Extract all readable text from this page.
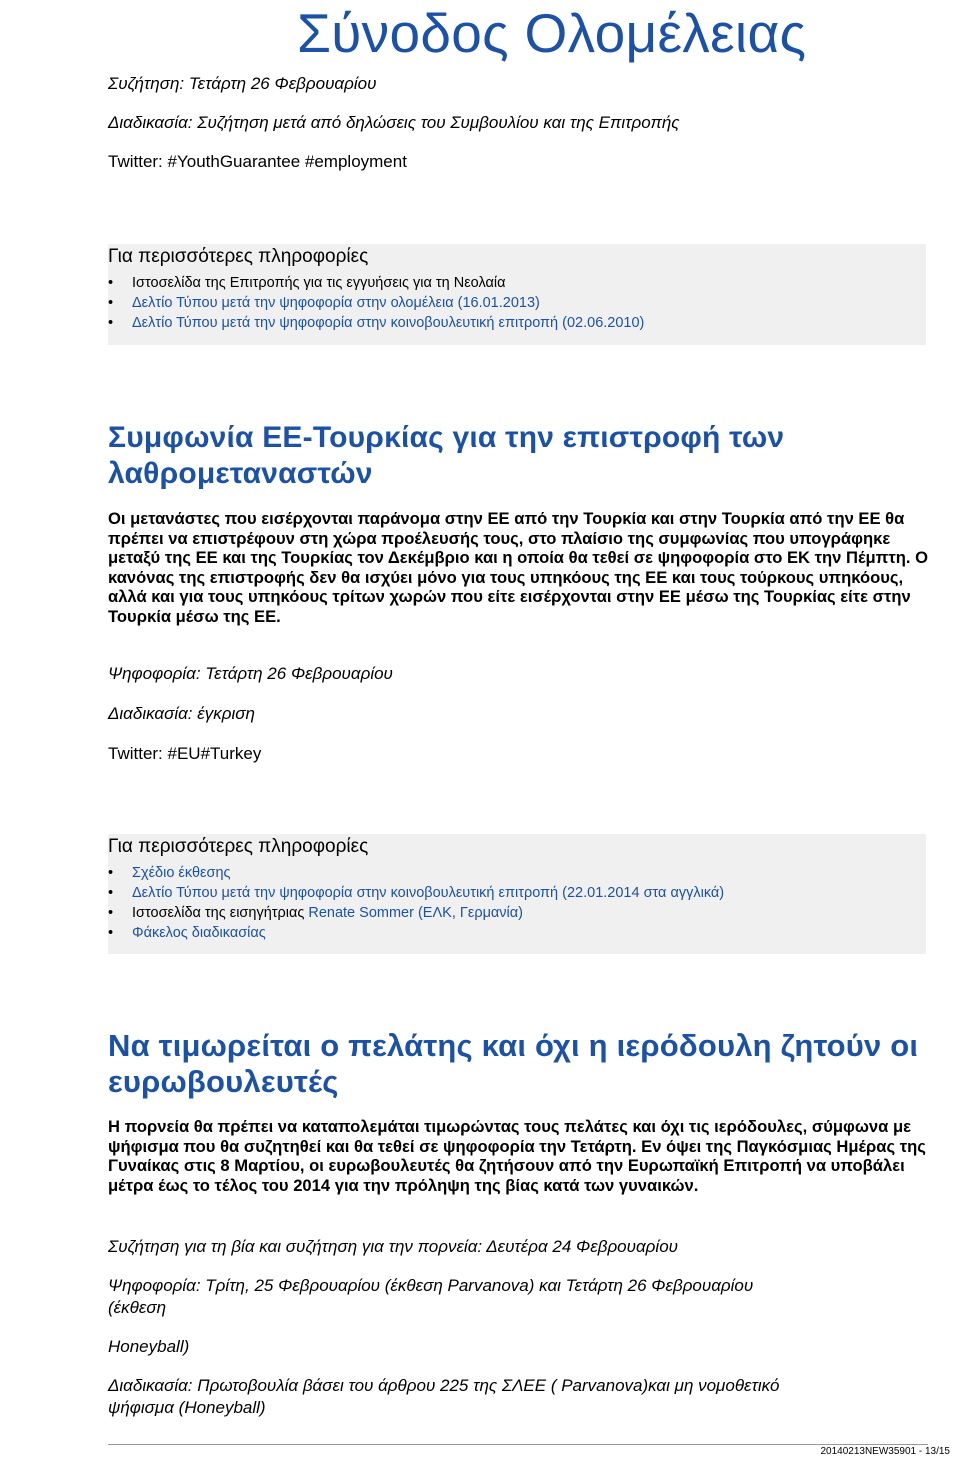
Σύνοδος Ολομέλειας

Συζήτηση: Τετάρτη 26 Φεβρουαρίου

Διαδικασία: Συζήτηση μετά από δηλώσεις του Συμβουλίου και της Επιτροπής

Twitter: #YouthGuarantee #employment

Για περισσότερες πληροφορίες

• Ιστοσελίδα της Επιτροπής για τις εγγυήσεις για τη Νεολαία
• Δελτίο Τύπου μετά την ψηφοφορία στην ολομέλεια (16.01.2013)
• Δελτίο Τύπου μετά την ψηφοφορία στην κοινοβουλευτική επιτροπή (02.06.2010)
Συμφωνία ΕΕ-Τουρκίας για την επιστροφή των λαθρομεταναστών

Οι μετανάστες που εισέρχονται παράνομα στην ΕΕ από την Τουρκία και στην Τουρκία από την ΕΕ θα πρέπει να επιστρέφουν στη χώρα προέλευσής τους, στο πλαίσιο της συμφωνίας που υπογράφηκε μεταξύ της ΕΕ και της Τουρκίας τον Δεκέμβριο και η οποία θα τεθεί σε ψηφοφορία στο ΕΚ την Πέμπτη. Ο κανόνας της επιστροφής δεν θα ισχύει μόνο για τους υπηκόους της ΕΕ και τους τούρκους υπηκόους, αλλά και για τους υπηκόους τρίτων χωρών που είτε εισέρχονται στην ΕΕ μέσω της Τουρκίας είτε στην Τουρκία μέσω της ΕΕ.

Ψηφοφορία: Τετάρτη 26 Φεβρουαρίου

Διαδικασία: έγκριση

Twitter: #EU#Turkey

Για περισσότερες πληροφορίες

• Σχέδιο έκθεσης
• Δελτίο Τύπου μετά την ψηφοφορία στην κοινοβουλευτική επιτροπή (22.01.2014 στα αγγλικά)
• Ιστοσελίδα της εισηγήτριας Renate Sommer (ΕΛΚ, Γερμανία)
• Φάκελος διαδικασίας
Να τιμωρείται ο πελάτης και όχι η ιερόδουλη ζητούν οι ευρωβουλευτές

Η πορνεία θα πρέπει να καταπολεμάται τιμωρώντας τους πελάτες και όχι τις ιερόδουλες, σύμφωνα με ψήφισμα που θα συζητηθεί και θα τεθεί σε ψηφοφορία την Τετάρτη. Εν όψει της Παγκόσμιας Ημέρας της Γυναίκας στις 8 Μαρτίου, οι ευρωβουλευτές θα ζητήσουν από την Ευρωπαϊκή Επιτροπή να υποβάλει μέτρα έως το τέλος του 2014 για την πρόληψη της βίας κατά των γυναικών.

Συζήτηση για τη βία και συζήτηση για την πορνεία: Δευτέρα 24 Φεβρουαρίου

Ψηφοφορία: Τρίτη, 25 Φεβρουαρίου (έκθεση Parvanova) και Τετάρτη 26 Φεβρουαρίου

(έκθεση

Honeyball)

Διαδικασία: Πρωτοβουλία βάσει του άρθρου 225 της ΣΛΕΕ ( Parvanova)και μη νομοθετικό

ψήφισμα (Honeyball)

20140213NEW35901 - 13/15
